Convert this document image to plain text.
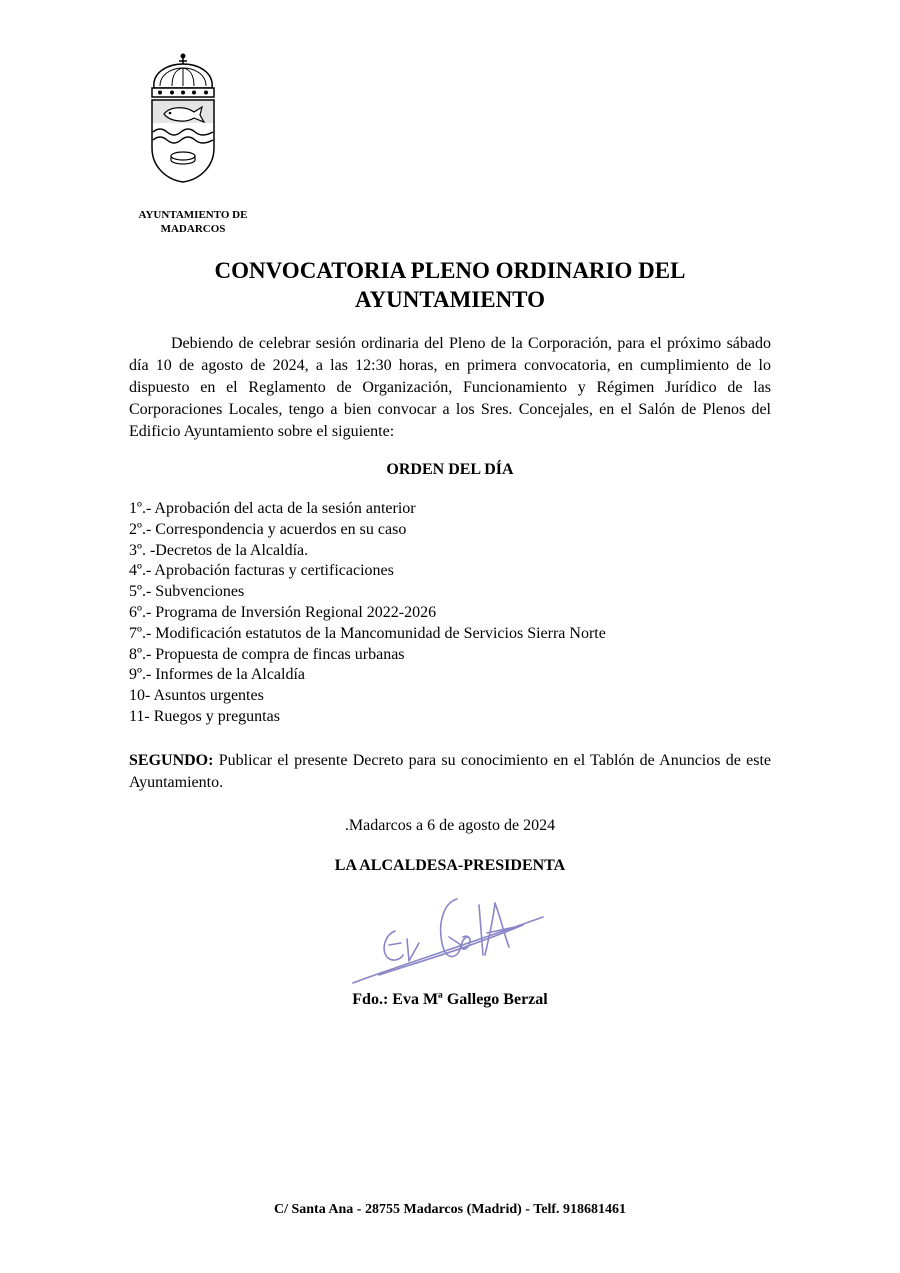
AYUNTAMIENTO DE
MADARCOS
CONVOCATORIA PLENO ORDINARIO DEL
AYUNTAMIENTO

Debiendo de celebrar sesión ordinaria del Pleno de la Corporación, para el próximo sábado día 10 de agosto de 2024, a las 12:30 horas, en primera convocatoria, en cumplimiento de lo dispuesto en el Reglamento de Organización, Funcionamiento y Régimen Jurídico de las Corporaciones Locales, tengo a bien convocar a los Sres. Concejales, en el Salón de Plenos del Edificio Ayuntamiento sobre el siguiente:

ORDEN DEL DÍA
1º.- Aprobación del acta de la sesión anterior
2º.- Correspondencia y acuerdos en su caso
3º. -Decretos de la Alcaldía.
4º.- Aprobación facturas y certificaciones
5º.- Subvenciones
6º.- Programa de Inversión Regional 2022-2026
7º.- Modificación estatutos de la Mancomunidad de Servicios Sierra Norte
8º.- Propuesta de compra de fincas urbanas
9º.- Informes de la Alcaldía
10- Asuntos urgentes
11- Ruegos y preguntas

SEGUNDO: Publicar el presente Decreto para su conocimiento en el Tablón de Anuncios de este Ayuntamiento.

.Madarcos a 6 de agosto de 2024
LA ALCALDESA-PRESIDENTA
Fdo.: Eva Mª Gallego Berzal
C/ Santa Ana - 28755 Madarcos (Madrid) - Telf. 918681461
